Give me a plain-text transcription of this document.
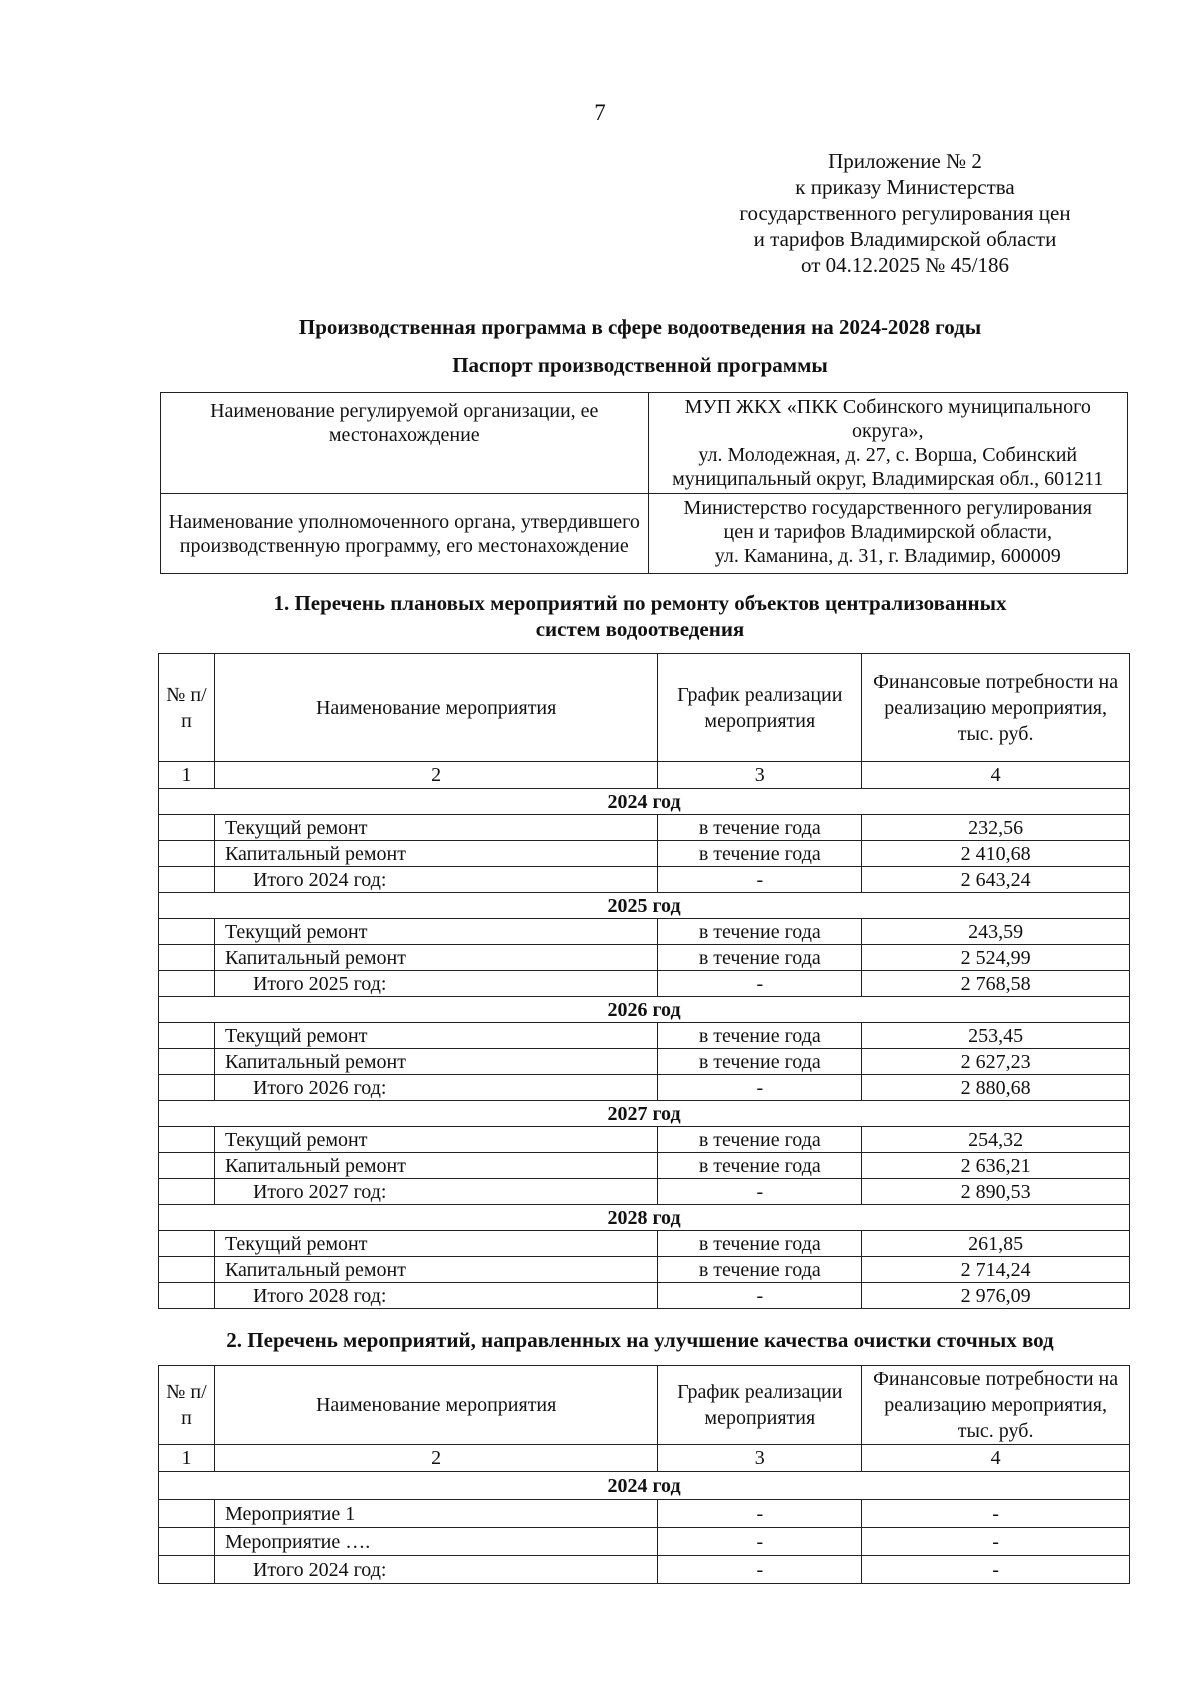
7
Приложение № 2
к приказу Министерства
государственного регулирования цен
и тарифов Владимирской области
от 04.12.2025 № 45/186
Производственная программа в сфере водоотведения на 2024-2028 годы
Паспорт производственной программы
Наименование регулируемой организации, ее местонахождение	МУП ЖКХ «ПКК Собинского муниципального
округа»,
ул. Молодежная, д. 27, с. Ворша, Собинский
муниципальный округ, Владимирская обл., 601211

Наименование уполномоченного органа, утвердившего производственную программу, его местонахождение	Министерство государственного регулирования
цен и тарифов Владимирской области,
ул. Каманина, д. 31, г. Владимир, 600009
1. Перечень плановых мероприятий по ремонту объектов централизованных
систем водоотведения
№ п/п	Наименование мероприятия	График реализации мероприятия	Финансовые потребности на реализацию мероприятия, тыс. руб.
1	2	3	4
2024 год			
	Текущий ремонт	в течение года	232,56
	Капитальный ремонт	в течение года	2 410,68
	Итого 2024 год:	-	2 643,24
2025 год			
	Текущий ремонт	в течение года	243,59
	Капитальный ремонт	в течение года	2 524,99
	Итого 2025 год:	-	2 768,58
2026 год			
	Текущий ремонт	в течение года	253,45
	Капитальный ремонт	в течение года	2 627,23
	Итого 2026 год:	-	2 880,68
2027 год			
	Текущий ремонт	в течение года	254,32
	Капитальный ремонт	в течение года	2 636,21
	Итого 2027 год:	-	2 890,53
2028 год			
	Текущий ремонт	в течение года	261,85
	Капитальный ремонт	в течение года	2 714,24
	Итого 2028 год:	-	2 976,09
2. Перечень мероприятий, направленных на улучшение качества очистки сточных вод
№ п/п	Наименование мероприятия	График реализации мероприятия	Финансовые потребности на реализацию мероприятия, тыс. руб.
1	2	3	4
2024 год			
	Мероприятие 1	-	-
	Мероприятие ….	-	-
	Итого 2024 год:	-	-
